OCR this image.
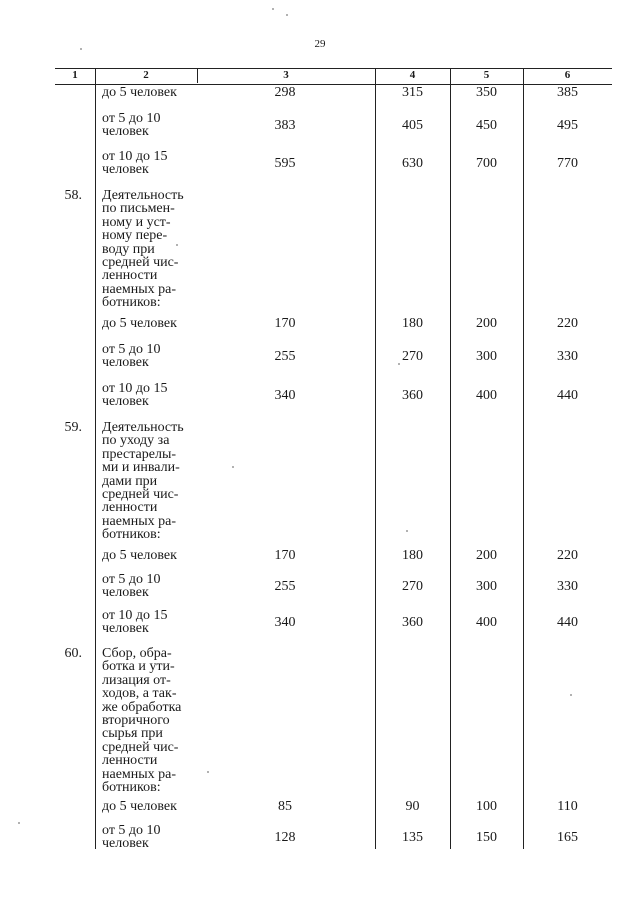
29
1	2	3	4	5	6
до 5 человек	298	315	350	385
от 5 до 10
человек	383	405	450	495
от 10 до 15
человек	595	630	700	770
58. Деятельность
по письмен-
ному и уст-
ному пере-
воду при
средней чис-
ленности
наемных ра-
ботников:
до 5 человек	170	180	200	220
от 5 до 10
человек	255	270	300	330
от 10 до 15
человек	340	360	400	440
59. Деятельность
по уходу за
престарелы-
ми и инвали-
дами при
средней чис-
ленности
наемных ра-
ботников:
до 5 человек	170	180	200	220
от 5 до 10
человек	255	270	300	330
от 10 до 15
человек	340	360	400	440
60. Сбор, обра-
ботка и ути-
лизация от-
ходов, а так-
же обработка
вторичного
сырья при
средней чис-
ленности
наемных ра-
ботников:
до 5 человек	85	90	100	110
от 5 до 10
человек	128	135	150	165
